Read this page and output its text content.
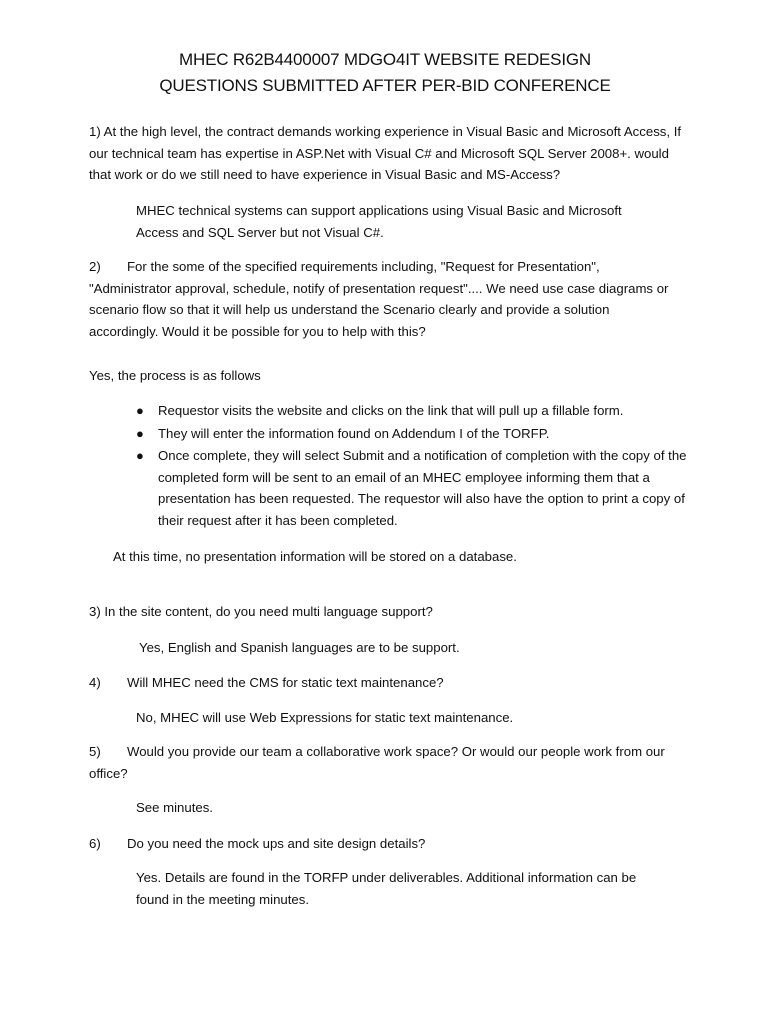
MHEC R62B4400007 MDGO4IT WEBSITE REDESIGN
QUESTIONS SUBMITTED AFTER PER-BID CONFERENCE
1) At the high level, the contract demands working experience in Visual Basic and Microsoft Access, If our technical team has expertise in ASP.Net with Visual C# and Microsoft SQL Server 2008+. would that work or do we still need to have experience in Visual Basic and MS-Access?
MHEC technical systems can support applications using Visual Basic and Microsoft Access and SQL Server but not Visual C#.
2) For the some of the specified requirements including, "Request for Presentation", "Administrator approval, schedule, notify of presentation request".... We need use case diagrams or scenario flow so that it will help us understand the Scenario clearly and provide a solution accordingly. Would it be possible for you to help with this?
Yes, the process is as follows
● Requestor visits the website and clicks on the link that will pull up a fillable form.
● They will enter the information found on Addendum I of the TORFP.
● Once complete, they will select Submit and a notification of completion with the copy of the completed form will be sent to an email of an MHEC employee informing them that a presentation has been requested. The requestor will also have the option to print a copy of their request after it has been completed.
At this time, no presentation information will be stored on a database.
3) In the site content, do you need multi language support?
Yes, English and Spanish languages are to be support.
4) Will MHEC need the CMS for static text maintenance?
No, MHEC will use Web Expressions for static text maintenance.
5) Would you provide our team a collaborative work space? Or would our people work from our office?
See minutes.
6) Do you need the mock ups and site design details?
Yes. Details are found in the TORFP under deliverables. Additional information can be found in the meeting minutes.
